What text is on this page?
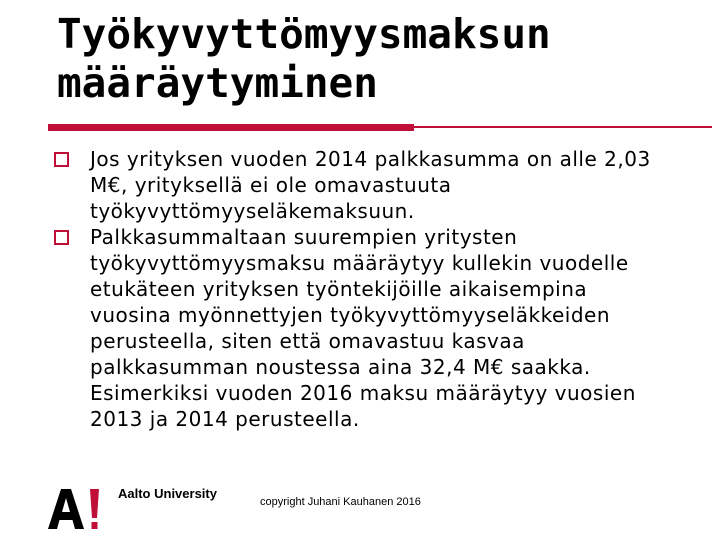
Työkyvyttömyysmaksun
määräytyminen
Jos yrityksen vuoden 2014 palkkasumma on alle 2,03 M€, yrityksellä ei ole omavastuuta työkyvyttömyyseläkemaksuun.
Palkkasummaltaan suurempien yritysten työkyvyttömyysmaksu määräytyy kullekin vuodelle etukäteen yrityksen työntekijöille aikaisempina vuosina myönnettyjen työkyvyttömyyseläkkeiden perusteella, siten että omavastuu kasvaa palkkasumman noustessa aina 32,4 M€ saakka. Esimerkiksi vuoden 2016 maksu määräytyy vuosien 2013 ja 2014 perusteella.
Aalto University
copyright Juhani Kauhanen 2016
